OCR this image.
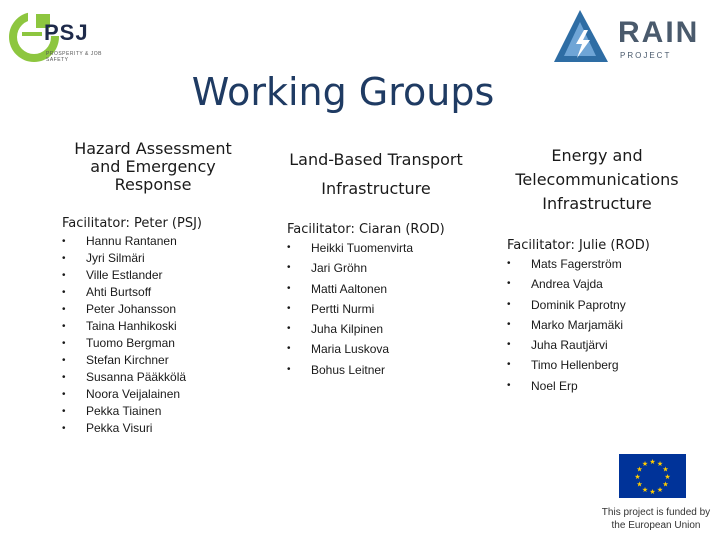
PSJ
PROSPERITY & JOB SAFETY
RAIN
PROJECT
Working Groups
Hazard Assessment
and Emergency
Response
Facilitator: Peter (PSJ)
• Hannu Rantanen
• Jyri Silmäri
• Ville Estlander
• Ahti Burtsoff
• Peter Johansson
• Taina Hanhikoski
• Tuomo Bergman
• Stefan Kirchner
• Susanna Pääkkölä
• Noora Veijalainen
• Pekka Tiainen
• Pekka Visuri
Land-Based Transport
Infrastructure
Facilitator: Ciaran (ROD)
• Heikki Tuomenvirta
• Jari Gröhn
• Matti Aaltonen
• Pertti Nurmi
• Juha Kilpinen
• Maria Luskova
• Bohus Leitner
Energy and
Telecommunications
Infrastructure
Facilitator: Julie (ROD)
• Mats Fagerström
• Andrea Vajda
• Dominik Paprotny
• Marko Marjamäki
• Juha Rautjärvi
• Timo Hellenberg
• Noel Erp
★ ★
★
★
★
★
★
★
★
★
★
★
This project is funded by
the European Union
